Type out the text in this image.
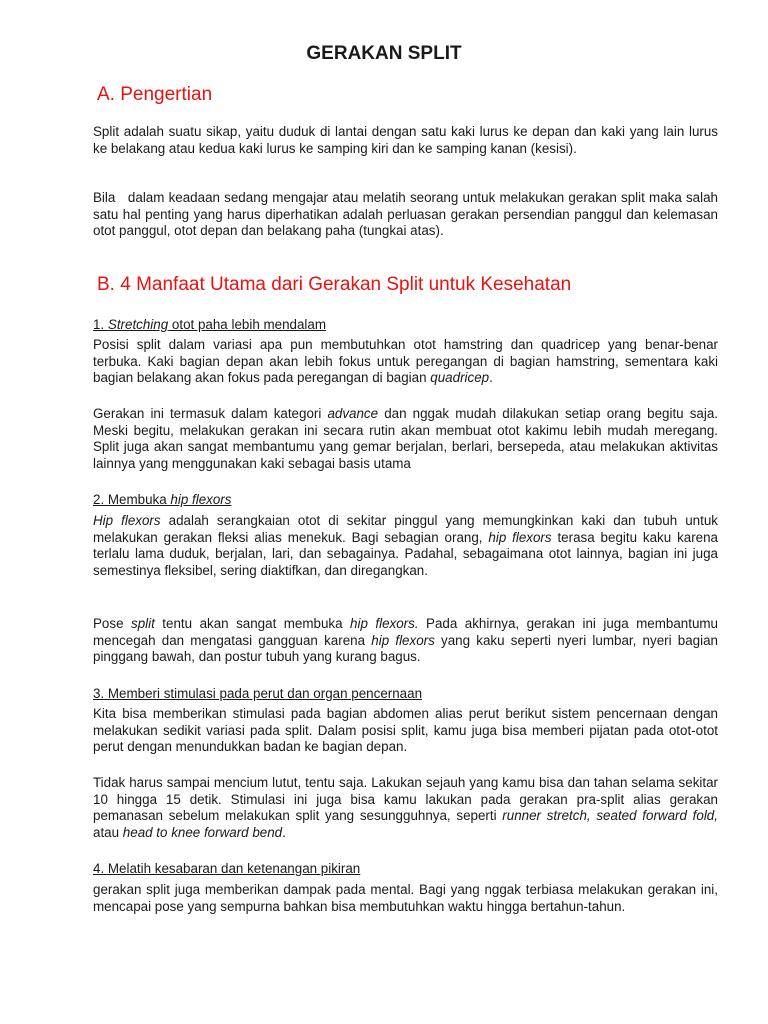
GERAKAN SPLIT
A. Pengertian

Split adalah suatu sikap, yaitu duduk di lantai dengan satu kaki lurus ke depan dan kaki yang lain lurus ke belakang atau kedua kaki lurus ke samping kiri dan ke samping kanan (kesisi).

Bila   dalam keadaan sedang mengajar atau melatih seorang untuk melakukan gerakan split maka salah satu hal penting yang harus diperhatikan adalah perluasan gerakan persendian panggul dan kelemasan otot panggul, otot depan dan belakang paha (tungkai atas).

B. 4 Manfaat Utama dari Gerakan Split untuk Kesehatan

1. Stretching otot paha lebih mendalam

Posisi split dalam variasi apa pun membutuhkan otot hamstring dan quadricep yang benar-benar terbuka. Kaki bagian depan akan lebih fokus untuk peregangan di bagian hamstring, sementara kaki bagian belakang akan fokus pada peregangan di bagian quadricep.

Gerakan ini termasuk dalam kategori advance dan nggak mudah dilakukan setiap orang begitu saja. Meski begitu, melakukan gerakan ini secara rutin akan membuat otot kakimu lebih mudah meregang. Split juga akan sangat membantumu yang gemar berjalan, berlari, bersepeda, atau melakukan aktivitas lainnya yang menggunakan kaki sebagai basis utama

2. Membuka hip flexors

Hip flexors adalah serangkaian otot di sekitar pinggul yang memungkinkan kaki dan tubuh untuk melakukan gerakan fleksi alias menekuk. Bagi sebagian orang, hip flexors terasa begitu kaku karena terlalu lama duduk, berjalan, lari, dan sebagainya. Padahal, sebagaimana otot lainnya, bagian ini juga semestinya fleksibel, sering diaktifkan, dan diregangkan.

Pose split tentu akan sangat membuka hip flexors. Pada akhirnya, gerakan ini juga membantumu mencegah dan mengatasi gangguan karena hip flexors yang kaku seperti nyeri lumbar, nyeri bagian pinggang bawah, dan postur tubuh yang kurang bagus.

3. Memberi stimulasi pada perut dan organ pencernaan

Kita bisa memberikan stimulasi pada bagian abdomen alias perut berikut sistem pencernaan dengan melakukan sedikit variasi pada split. Dalam posisi split, kamu juga bisa memberi pijatan pada otot-otot perut dengan menundukkan badan ke bagian depan.

Tidak harus sampai mencium lutut, tentu saja. Lakukan sejauh yang kamu bisa dan tahan selama sekitar 10 hingga 15 detik. Stimulasi ini juga bisa kamu lakukan pada gerakan pra-split alias gerakan pemanasan sebelum melakukan split yang sesungguhnya, seperti runner stretch, seated forward fold, atau head to knee forward bend.

4. Melatih kesabaran dan ketenangan pikiran

gerakan split juga memberikan dampak pada mental. Bagi yang nggak terbiasa melakukan gerakan ini, mencapai pose yang sempurna bahkan bisa membutuhkan waktu hingga bertahun-tahun.
